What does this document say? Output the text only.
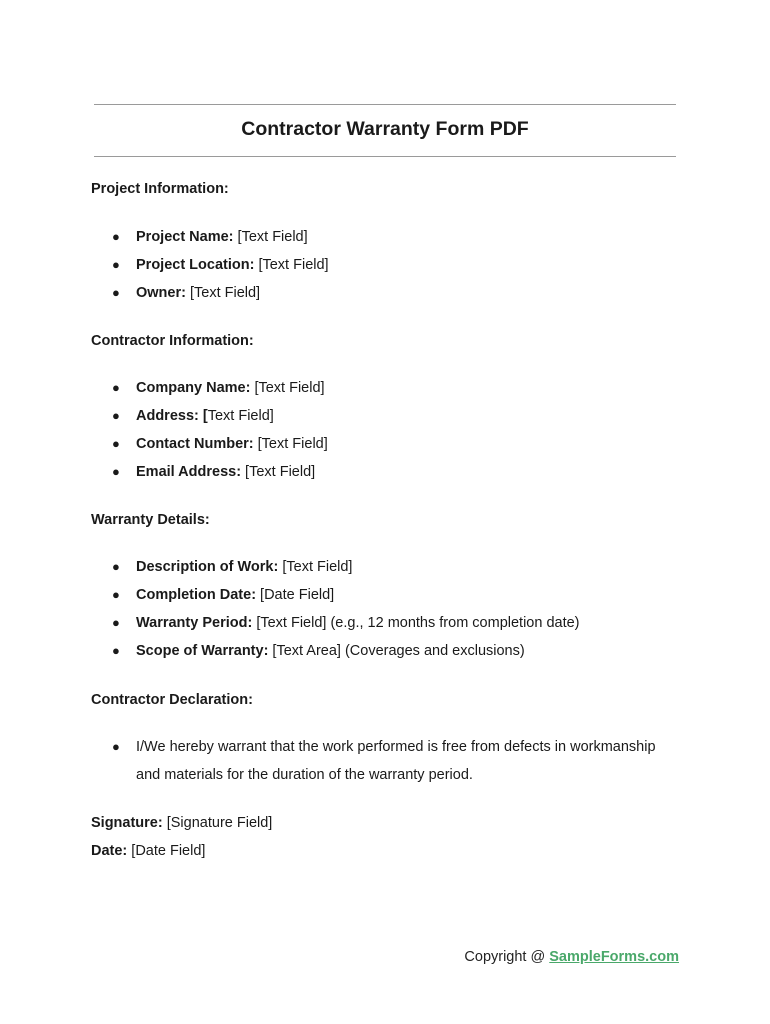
Contractor Warranty Form PDF

Project Information:

● Project Name: [Text Field]
● Project Location: [Text Field]
● Owner: [Text Field]

Contractor Information:

● Company Name: [Text Field]
● Address: [Text Field]
● Contact Number: [Text Field]
● Email Address: [Text Field]

Warranty Details:

● Description of Work: [Text Field]
● Completion Date: [Date Field]
● Warranty Period: [Text Field] (e.g., 12 months from completion date)
● Scope of Warranty: [Text Area] (Coverages and exclusions)

Contractor Declaration:

● I/We hereby warrant that the work performed is free from defects in workmanship and materials for the duration of the warranty period.
Signature: [Signature Field]
Date: [Date Field]
Copyright @ SampleForms.com
